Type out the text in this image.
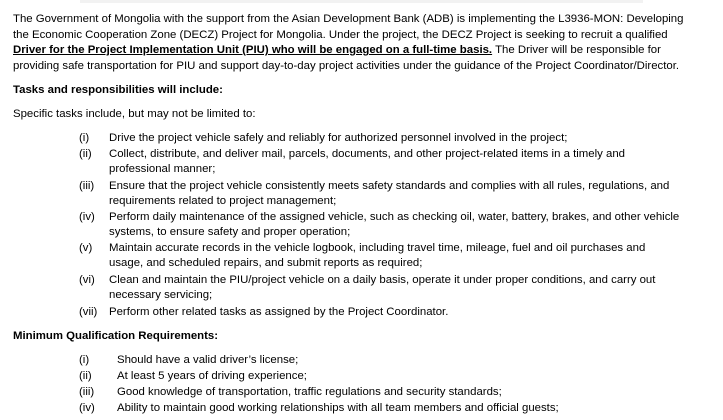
The Government of Mongolia with the support from the Asian Development Bank (ADB) is implementing the L3936-MON: Developing

the Economic Cooperation Zone (DECZ) Project for Mongolia. Under the project, the DECZ Project is seeking to recruit a qualified

Driver for the Project Implementation Unit (PIU) who will be engaged on a full-time basis. The Driver will be responsible for

providing safe transportation for PIU and support day-to-day project activities under the guidance of the Project Coordinator/Director.

Tasks and responsibilities will include:
Specific tasks include, but may not be limited to:
(i) Drive the project vehicle safely and reliably for authorized personnel involved in the project;
(ii) Collect, distribute, and deliver mail, parcels, documents, and other project-related items in a timely and
professional manner;
(iii) Ensure that the project vehicle consistently meets safety standards and complies with all rules, regulations, and
requirements related to project management;
(iv) Perform daily maintenance of the assigned vehicle, such as checking oil, water, battery, brakes, and other vehicle
systems, to ensure safety and proper operation;
(v) Maintain accurate records in the vehicle logbook, including travel time, mileage, fuel and oil purchases and
usage, and scheduled repairs, and submit reports as required;
(vi) Clean and maintain the PIU/project vehicle on a daily basis, operate it under proper conditions, and carry out
necessary servicing;
(vii) Perform other related tasks as assigned by the Project Coordinator.
Minimum Qualification Requirements:
(i) Should have a valid driver’s license;
(ii) At least 5 years of driving experience;
(iii) Good knowledge of transportation, traffic regulations and security standards;
(iv) Ability to maintain good working relationships with all team members and official guests;
